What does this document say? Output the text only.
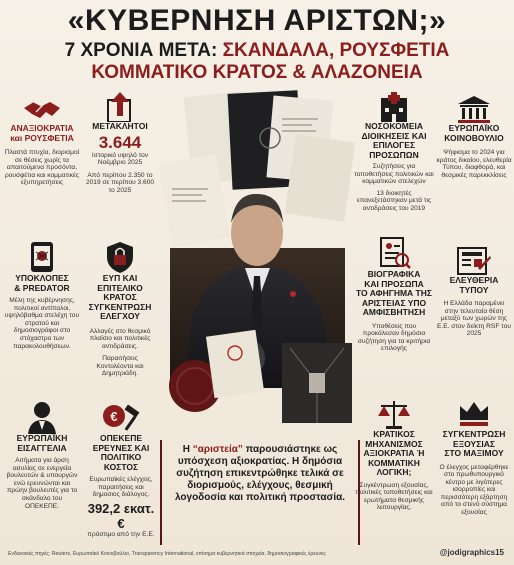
«ΚΥΒΕΡΝΗΣΗ ΑΡΙΣΤΩΝ;»
7 ΧΡΟΝΙΑ ΜΕΤΑ: ΣΚΑΝΔΑΛΑ, ΡΟΥΣΦΕΤΙΑ
ΚΟΜΜΑΤΙΚΟ ΚΡΑΤΟΣ & ΑΛΑΖΟΝΕΙΑ
ΑΝΑΞΙΟΚΡΑΤΙΑ
και ΡΟΥΣΦΕΤΙΑ
Πλαστά πτυχία, διορισμοί σε θέσεις χωρίς τα απαιτούμενα προσόντα, ρουσφέτια και κομματικές εξυπηρετήσεις
ΥΠΟΚΛΟΠΕΣ
& PREDATOR
Μέλη της κυβέρνησης, πολιτικοί αντίπαλοι, υψηλόβαθμα στελέχη του στρατού και δημοσιογράφοι στο στόχαστρο των παρακολουθήσεων.
ΕΥΡΩΠΑΪΚΗ
ΕΙΣΑΓΓΕΛΙΑ
Αιτήματα για άρση ασυλίας σε ενεργεία βουλευτών & υπουργών ενώ ερευνώνται και πρώην βουλευτές για το σκάνδαλο του ΟΠΕΚΕΠΕ.
ΜΕΤΑΚΛΗΤΟΙ
3.644
Ιστορικό υψηλό τον Νοέμβριο 2025
Από περίπου 2.350 το 2019 σε περίπου 3.600 το 2025
ΕΥΠ ΚΑΙ
ΕΠΙΤΕΛΙΚΟ ΚΡΑΤΟΣ
ΣΥΓΚΕΝΤΡΩΣΗ
ΕΛΕΓΧΟΥ
Αλλαγές στο θεσμικό πλαίσιο και πολιτικές αντιδράσεις.
Παραιτήσεις Κοντολέοντα και Δημητριάδη.
€
ΟΠΕΚΕΠΕ
ΕΡΕΥΝΕΣ ΚΑΙ
ΠΟΛΙΤΙΚΟ ΚΟΣΤΟΣ
Ευρωπαϊκές ελέγχεις, παραιτήσεις και δημοσιος διάλογος.
392,2 εκατ. €
πρόστιμο από την Ε.Ε.
ΝΟΣΟΚΟΜΕΙΑ
ΔΙΟΙΚΗΣΕΙΣ ΚΑΙ
ΕΠΙΛΟΓΕΣ
ΠΡΟΣΩΠΩΝ
Συζητήσεις για τοποθετήσεις πολιτικών και κομματικών στελεχών
13 διοικητές επανεξετάστηκαν μετά τις αντιδράσεις του 2019
ΒΙΟΓΡΑΦΙΚΑ
ΚΑΙ ΠΡΟΣΩΠΑ
ΤΟ ΑΦΗΓΗΜΑ ΤΗΣ
ΑΡΙΣΤΕΙΑΣ ΥΠΟ
ΑΜΦΙΣΒΗΤΗΣΗ
Υποθέσεις που προκάλεσαν δημόσια συζήτηση για τα κριτήρια επιλογής
ΚΡΑΤΙΚΟΣ
ΜΗΧΑΝΙΣΜΟΣ
ΑΞΙΟΚΡΑΤΙΑ Ή
ΚΟΜΜΑΤΙΚΗ
ΛΟΓΙΚΗ;
Συγκέντρωση εξουσίας, πολιτικές τοποθετήσεις και ερωτήματα θεσμικής λειτουργίας.
ΕΥΡΩΠΑΪΚΟ
ΚΟΙΝΟΒΟΥΛΙΟ
Ψήφισμα το 2024 για κράτος δικαίου, ελευθερία Τύπου, διαφθορά, και θεσμικές παρεκκλίσεις
ΕΛΕΥΘΕΡΙΑ
ΤΥΠΟΥ
Η Ελλάδα παραμένει στην τελευταία θέση μεταξύ των χωρών της Ε.Ε. στον δείκτη RSF του 2025
ΣΥΓΚΕΝΤΡΩΣΗ
ΕΞΟΥΣΙΑΣ
ΣΤΟ ΜΑΞΙΜΟΥ
Ο έλεγχος μεταφέρθηκε στο πρωθυπουργικό κέντρο με λιγότερες ισορροπίες και περισσότερη εξάρτηση από το στενό σύστημα εξουσίας
Η “αριστεία” παρουσιάστηκε ως υπόσχεση αξιοκρατίας. Η δημόσια συζήτηση επικεντρώθηκε τελικά σε διορισμούς, ελέγχους, θεσμική λογοδοσία και πολιτική προστασία.
Ενδεικτικές πηγές: Reuters, Ευρωπαϊκό Κοινοβούλιο, Transparency International, επίσημα κυβερνητικά στοιχεία, δημοσιογραφικές έρευνες	@jodigraphics15
